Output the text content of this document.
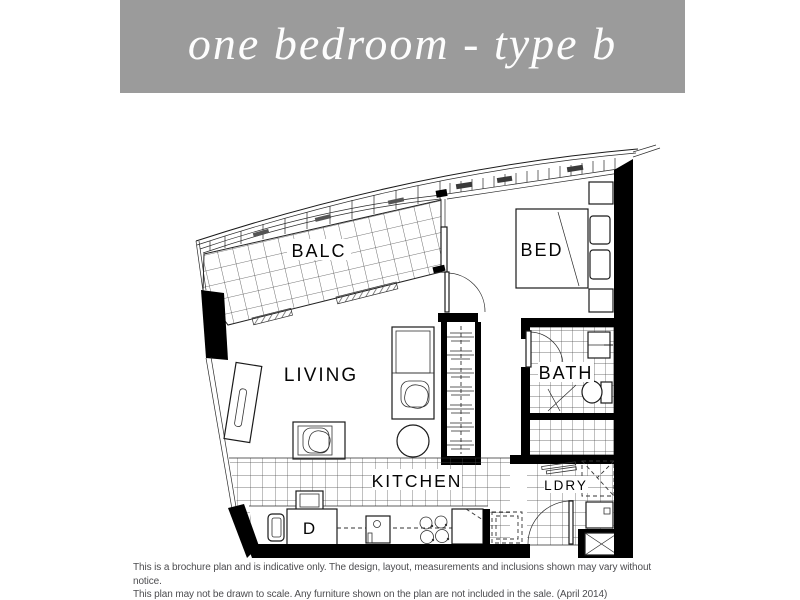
one bedroom - type b
BALC	BED
LIVING	BATH
D
KITCHEN	LDRY
This is a brochure plan and is indicative only. The design, layout, measurements and inclusions shown may vary without notice.
This plan may not be drawn to scale. Any furniture shown on the plan are not included in the sale. (April 2014)
